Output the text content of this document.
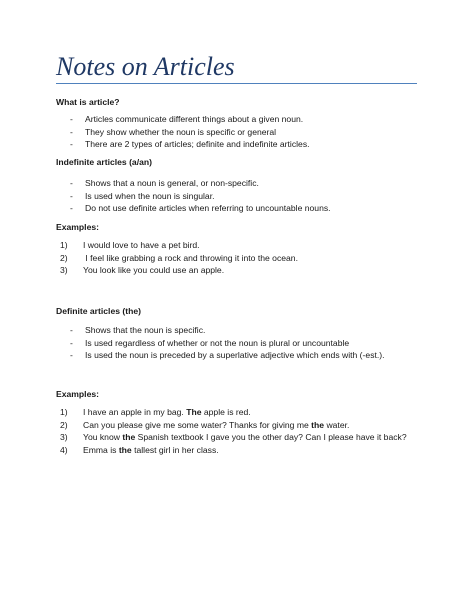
Notes on Articles

What is article?

- Articles communicate different things about a given noun.
- They show whether the noun is specific or general
- There are 2 types of articles; definite and indefinite articles.

Indefinite articles (a/an)

- Shows that a noun is general, or non-specific.
- Is used when the noun is singular.
- Do not use definite articles when referring to uncountable nouns.

Examples:

1) I would love to have a pet bird.
2) I feel like grabbing a rock and throwing it into the ocean.
3) You look like you could use an apple.

Definite articles (the)

- Shows that the noun is specific.
- Is used regardless of whether or not the noun is plural or uncountable
- Is used the noun is preceded by a superlative adjective which ends with (-est.).

Examples:

1) I have an apple in my bag. The apple is red.
2) Can you please give me some water? Thanks for giving me the water.
3) You know the Spanish textbook I gave you the other day? Can I please have it back?
4) Emma is the tallest girl in her class.
